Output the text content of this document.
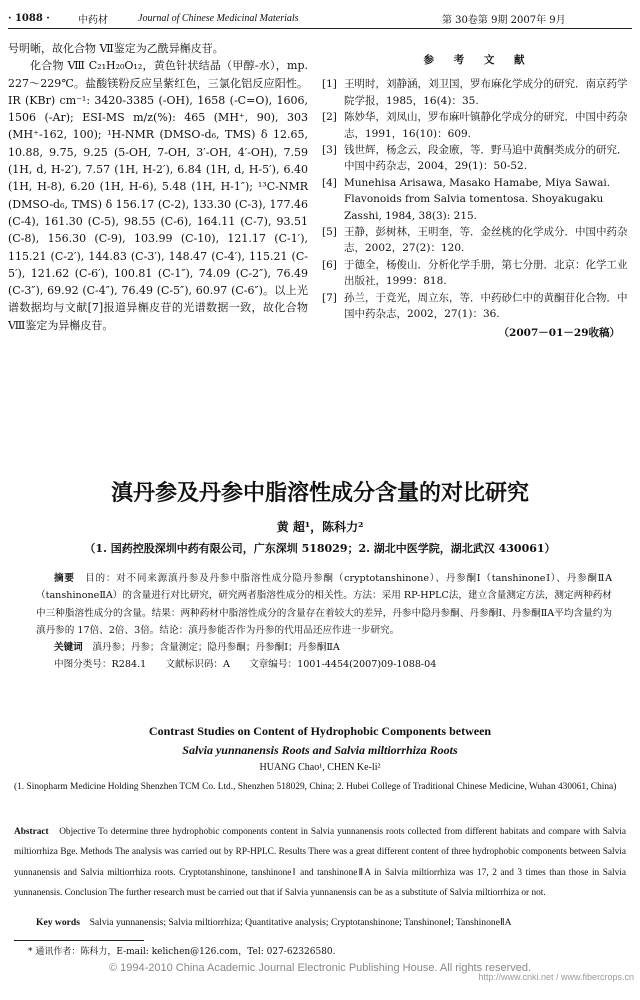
· 1088 ·	中药材	Journal of Chinese Medicinal Materials	第 30卷第 9期 2007年 9月

号明晰，故化合物 Ⅶ鉴定为乙酰异槲皮苷。

化合物 Ⅷ C₂₁H₂₀O₁₂，黄色针状结晶（甲醇-水），mp. 227～229℃。盐酸镁粉反应呈紫红色，三氯化铝反应阳性。IR (KBr) cm⁻¹: 3420-3385 (-OH), 1658 (-C=O), 1606, 1506 (-Ar); ESI-MS m/z(%): 465 (MH⁺, 90), 303 (MH⁺-162, 100); ¹H-NMR (DMSO-d₆, TMS) δ 12.65, 10.88, 9.75, 9.25 (5-OH, 7-OH, 3′-OH, 4′-OH), 7.59 (1H, d, H-2′), 7.57 (1H, H-2′), 6.84 (1H, d, H-5′), 6.40 (1H, H-8), 6.20 (1H, H-6), 5.48 (1H, H-1″); ¹³C-NMR (DMSO-d₆, TMS) δ 156.17 (C-2), 133.30 (C-3), 177.46 (C-4), 161.30 (C-5), 98.55 (C-6), 164.11 (C-7), 93.51 (C-8), 156.30 (C-9), 103.99 (C-10), 121.17 (C-1′), 115.21 (C-2′), 144.83 (C-3′), 148.47 (C-4′), 115.21 (C-5′), 121.62 (C-6′), 100.81 (C-1″), 74.09 (C-2″), 76.49 (C-3″), 69.92 (C-4″), 76.49 (C-5″), 60.97 (C-6″)。以上光谱数据均与文献[7]报道异槲皮苷的光谱数据一致，故化合物 Ⅷ鉴定为异槲皮苷。

参 考 文 献
[1] 王明时，刘静涵，刘卫国，罗布麻化学成分的研究．南京药学院学报，1985，16(4)：35.
[2] 陈妙华，刘凤山，罗布麻叶镇静化学成分的研究．中国中药杂志，1991，16(10)：609.
[3] 钱世辉，杨念云，段金廒，等．野马追中黄酮类成分的研究．中国中药杂志，2004，29(1)：50-52.
[4] Munehisa Arisawa, Masako Hamabe, Miya Sawai. Flavonoids from Salvia tomentosa. Shoyakugaku Zasshi, 1984, 38(3): 215.
[5] 王静，彭树林，王明奎，等．金丝桃的化学成分．中国中药杂志，2002，27(2)：120.
[6] 于德全，杨俊山．分析化学手册，第七分册．北京：化学工业出版社，1999：818.
[7] 孙兰，于竞光，周立东，等．中药砂仁中的黄酮苷化合物．中国中药杂志，2002，27(1)：36.
（2007－01－29收稿）
滇丹参及丹参中脂溶性成分含量的对比研究
黄 超¹，陈科力²
（1. 国药控股深圳中药有限公司，广东深圳 518029；2. 湖北中医学院，湖北武汉 430061）

摘要　 目的：对不同来源滇丹参及丹参中脂溶性成分隐丹参酮（cryptotanshinone）、丹参酮Ⅰ（tanshinoneⅠ）、丹参酮ⅡA（tanshinoneⅡA）的含量进行对比研究，研究两者脂溶性成分的相关性。方法：采用 RP-HPLC法，建立含量测定方法，测定两种药材中三种脂溶性成分的含量。结果：两种药材中脂溶性成分的含量存在着较大的差异，丹参中隐丹参酮、丹参酮Ⅰ、丹参酮ⅡA平均含量约为滇丹参的 17倍、2倍、3倍。结论：滇丹参能否作为丹参的代用品还应作进一步研究。

关键词　 滇丹参；丹参；含量测定；隐丹参酮；丹参酮Ⅰ；丹参酮ⅡA

中图分类号：R284.1　　文献标识码：A　　文章编号：1001-4454(2007)09-1088-04

Contrast Studies on Content of Hydrophobic Components between
Salvia yunnanensis Roots and Salvia miltiorrhiza Roots
HUANG Chao¹, CHEN Ke-li²
(1. Sinopharm Medicine Holding Shenzhen TCM Co. Ltd., Shenzhen 518029, China; 2. Hubei College of Traditional Chinese Medicine, Wuhan 430061, China)

Abstract　 Objective To determine three hydrophobic components content in Salvia yunnanensis roots collected from different habitats and compare with Salvia miltiorrhiza Bge. Methods The analysis was carried out by RP-HPLC. Results There was a great different content of three hydrophobic components between Salvia yunnanensis and Salvia miltiorrhiza roots. Cryptotanshinone, tanshinoneⅠ and tanshinoneⅡA in Salvia miltiorrhiza was 17, 2 and 3 times than those in Salvia yunnanensis. Conclusion The further research must be carried out that if Salvia yunnanensis can be as a substitute of Salvia miltiorrhiza or not.

Key words　 Salvia yunnanensis; Salvia miltiorrhiza; Quantitative analysis; Cryptotanshinone; TanshinoneⅠ; TanshinoneⅡA
* 通讯作者：陈科力，E-mail: kelichen@126.com，Tel: 027-62326580.
© 1994-2010 China Academic Journal Electronic Publishing House. All rights reserved.
http://www.cnki.net / www.fibercrops.cn
